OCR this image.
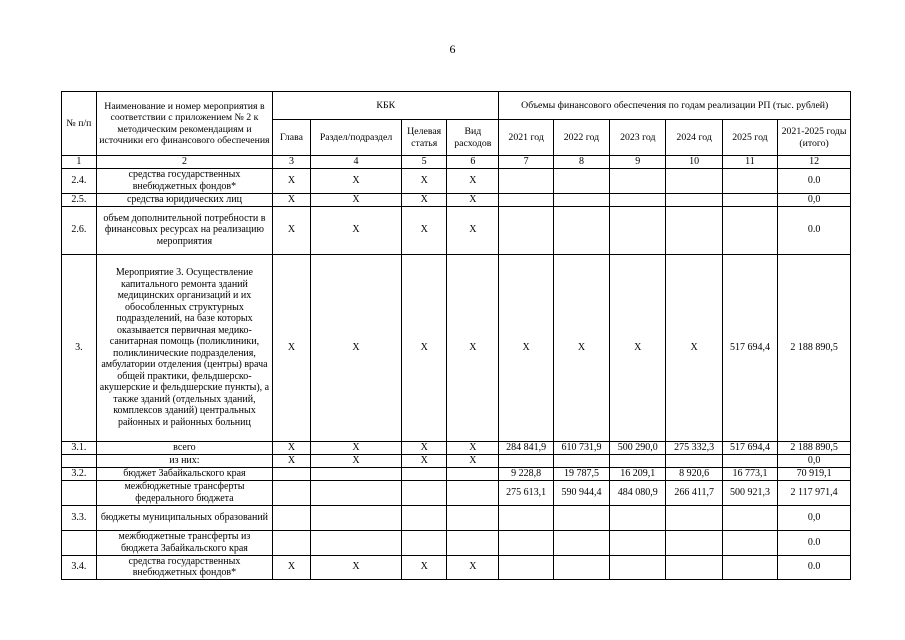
6
№ п/п	Наименование и номер мероприятия в соответствии с приложением № 2 к методическим рекомендациям и источники его финансового обеспечения	КБК				Объемы финансового обеспечения по годам реализации РП (тыс. рублей)					
		Глава	Раздел/подраздел	Целевая статья	Вид расходов	2021 год	2022 год	2023 год	2024 год	2025 год	2021-2025 годы (итого)
1	2	3	4	5	6	7	8	9	10	11	12
2.4.	средства государственных внебюджетных фондов*	X	X	X	X						0.0
2.5.	средства юридических лиц	X	X	X	X						0,0
2.6.	объем дополнительной потребности в финансовых ресурсах на реализацию мероприятия	X	X	X	X						0.0
3.	Мероприятие 3. Осуществление капитального ремонта зданий медицинских организаций и их обособленных структурных подразделений, на базе которых оказывается первичная медико-санитарная помощь (поликлиники, поликлинические подразделения, амбулатории отделения (центры) врача общей практики, фельдшерско-акушерские и фельдшерские пункты), а также зданий (отдельных зданий, комплексов зданий) центральных районных и районных больниц	X	X	X	X	X	X	X	X	517 694,4	2 188 890,5
3.1.	всего	X	X	X	X	284 841,9	610 731,9	500 290,0	275 332,3	517 694,4	2 188 890,5
	из них:	X	X	X	X						0,0
3.2.	бюджет Забайкальского края					9 228,8	19 787,5	16 209,1	8 920,6	16 773,1	70 919,1
	межбюджетные трансферты федерального бюджета					275 613,1	590 944,4	484 080,9	266 411,7	500 921,3	2 117 971,4
3.3.	бюджеты муниципальных образований										0,0
	межбюджетные трансферты из бюджета Забайкальского края										0.0
3.4.	средства государственных внебюджетных фондов*	X	X	X	X						0.0
